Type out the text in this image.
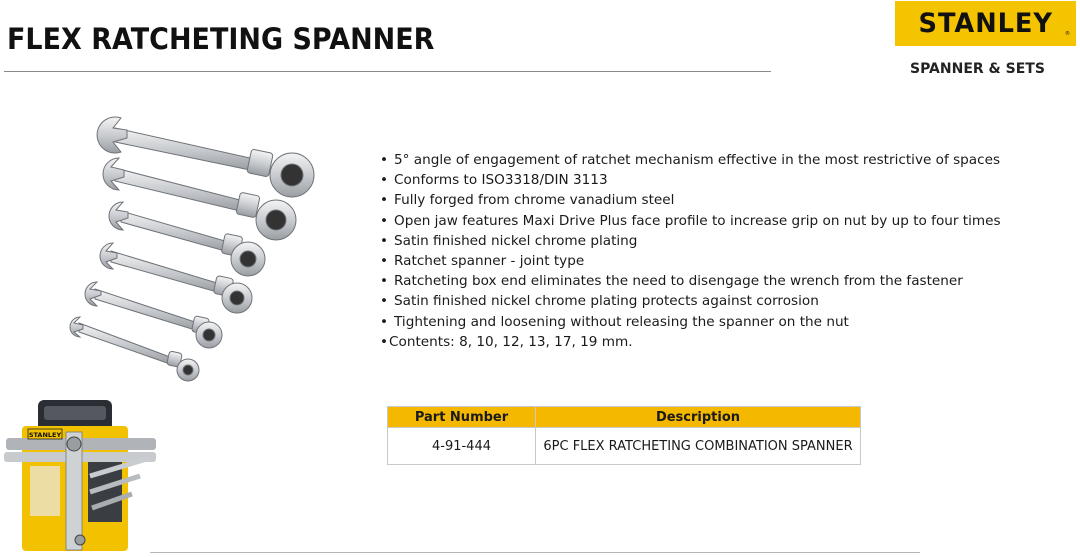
FLEX RATCHETING SPANNER	STANLEY ®
SPANNER & SETS
STANLEY
• 5° angle of engagement of ratchet mechanism effective in the most restrictive of spaces
• Conforms to ISO3318/DIN 3113
• Fully forged from chrome vanadium steel
• Open jaw features Maxi Drive Plus face profile to increase grip on nut by up to four times
• Satin finished nickel chrome plating
• Ratchet spanner - joint type
• Ratcheting box end eliminates the need to disengage the wrench from the fastener
• Satin finished nickel chrome plating protects against corrosion
• Tightening and loosening without releasing the spanner on the nut
• Contents: 8, 10, 12, 13, 17, 19 mm.
Part Number	Description
4-91-444	6PC FLEX RATCHETING COMBINATION SPANNER
